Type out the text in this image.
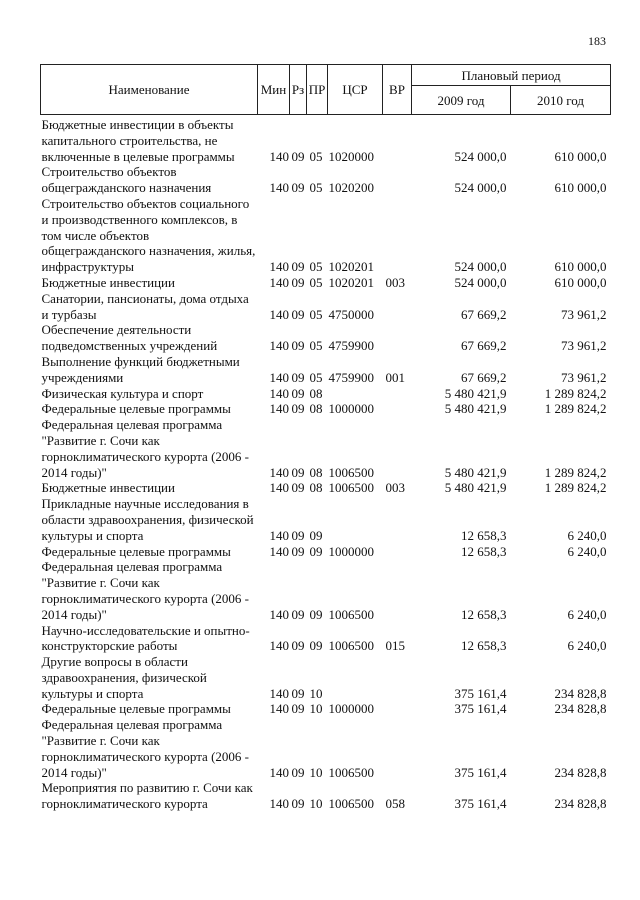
183
Наименование	Мин	Рз	ПР	ЦСР	ВР	Плановый период	
						2009 год	2010 год
Бюджетные инвестиции в объекты капитального строительства, не включенные в целевые программы	140	09	05	1020000		524 000,0	610 000,0
Строительство объектов общегражданского назначения	140	09	05	1020200		524 000,0	610 000,0
Строительство объектов социального и производственного комплексов, в том числе объектов общегражданского назначения, жилья, инфраструктуры	140	09	05	1020201		524 000,0	610 000,0
Бюджетные инвестиции	140	09	05	1020201	003	524 000,0	610 000,0
Санатории, пансионаты, дома отдыха и турбазы	140	09	05	4750000		67 669,2	73 961,2
Обеспечение деятельности подведомственных учреждений	140	09	05	4759900		67 669,2	73 961,2
Выполнение функций бюджетными учреждениями	140	09	05	4759900	001	67 669,2	73 961,2
Физическая культура и спорт	140	09	08			5 480 421,9	1 289 824,2
Федеральные целевые программы	140	09	08	1000000		5 480 421,9	1 289 824,2
Федеральная целевая программа "Развитие г. Сочи как горноклиматического курорта (2006 - 2014 годы)"	140	09	08	1006500		5 480 421,9	1 289 824,2
Бюджетные инвестиции	140	09	08	1006500	003	5 480 421,9	1 289 824,2
Прикладные научные исследования в области здравоохранения, физической культуры и спорта	140	09	09			12 658,3	6 240,0
Федеральные целевые программы	140	09	09	1000000		12 658,3	6 240,0
Федеральная целевая программа "Развитие г. Сочи как горноклиматического курорта (2006 - 2014 годы)"	140	09	09	1006500		12 658,3	6 240,0
Научно-исследовательские и опытно-конструкторские работы	140	09	09	1006500	015	12 658,3	6 240,0
Другие вопросы в области здравоохранения, физической культуры и спорта	140	09	10			375 161,4	234 828,8
Федеральные целевые программы	140	09	10	1000000		375 161,4	234 828,8
Федеральная целевая программа "Развитие г. Сочи как горноклиматического курорта (2006 - 2014 годы)"	140	09	10	1006500		375 161,4	234 828,8
Мероприятия по развитию г. Сочи как горноклиматического курорта	140	09	10	1006500	058	375 161,4	234 828,8
